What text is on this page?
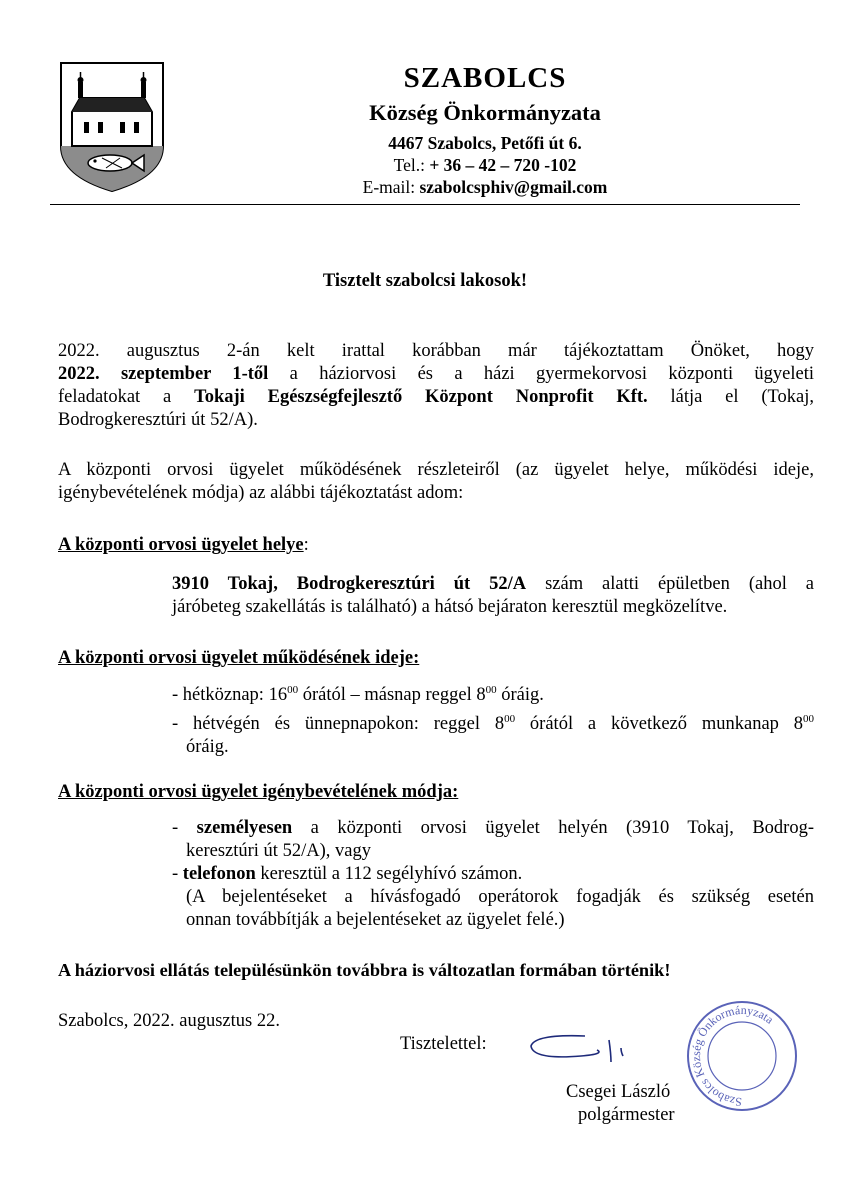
SZABOLCS
Község Önkormányzata
4467 Szabolcs, Petőfi út 6.
Tel.: + 36 – 42 – 720 -102
E-mail: szabolcsphiv@gmail.com
Tisztelt szabolcsi lakosok!
2022. augusztus 2-án kelt irattal korábban már tájékoztattam Önöket, hogy
2022. szeptember 1-től a háziorvosi és a házi gyermekorvosi központi ügyeleti
feladatokat a Tokaji Egészségfejlesztő Központ Nonprofit Kft. látja el (Tokaj,
Bodrogkeresztúri út 52/A).
A központi orvosi ügyelet működésének részleteiről (az ügyelet helye, működési ideje,
igénybevételének módja) az alábbi tájékoztatást adom:
A központi orvosi ügyelet helye:
3910 Tokaj, Bodrogkeresztúri út 52/A szám alatti épületben (ahol a
járóbeteg szakellátás is található) a hátsó bejáraton keresztül megközelítve.
A központi orvosi ügyelet működésének ideje:
- hétköznap: $16^{00}$ órától – másnap reggel $8^{00}$ óráig.
- hétvégén és ünnepnapokon: reggel $8^{00}$ órától a következő munkanap $8^{00}$
óráig.
A központi orvosi ügyelet igénybevételének módja:
- személyesen a központi orvosi ügyelet helyén (3910 Tokaj, Bodrog-
keresztúri út 52/A), vagy
- telefonon keresztül a 112 segélyhívó számon.
(A bejelentéseket a hívásfogadó operátorok fogadják és szükség esetén
onnan továbbítják a bejelentéseket az ügyelet felé.)
A háziorvosi ellátás településünkön továbbra is változatlan formában történik!
Szabolcs, 2022. augusztus 22.
Tisztelettel:
Szabolcs Község Önkormányzata
Csegei László
polgármester
